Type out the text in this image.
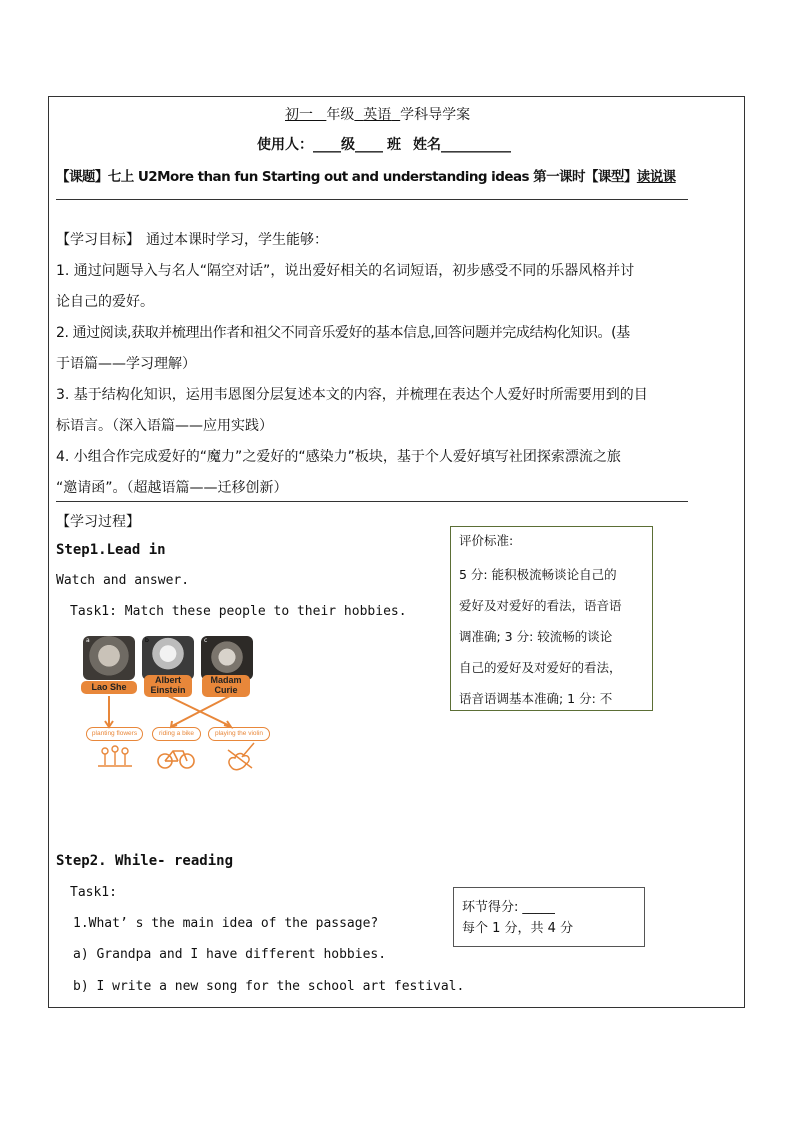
初一 年级 英语 学科导学案
使用人：____级____ 班 姓名__________
【课题】七上 U2More than fun Starting out and understanding ideas 第一课时【课型】读说课
【学习目标】 通过本课时学习，学生能够：
1. 通过问题导入与名人“隔空对话”，说出爱好相关的名词短语，初步感受不同的乐器风格并讨
论自己的爱好。
2. 通过阅读,获取并梳理出作者和祖父不同音乐爱好的基本信息,回答问题并完成结构化知识。(基
于语篇——学习理解）
3. 基于结构化知识，运用韦恩图分层复述本文的内容，并梳理在表达个人爱好时所需要用到的目
标语言。（深入语篇——应用实践）
4. 小组合作完成爱好的“魔力”之爱好的“感染力”板块，基于个人爱好填写社团探索漂流之旅
“邀请函”。（超越语篇——迁移创新）
【学习过程】
Step1.Lead in
Watch and answer.
Task1: Match these people to their hobbies.
a	b	c
Lao She
Albert Einstein
Madam Curie
planting flowers	riding a bike	playing the violin
评价标准:
5 分: 能积极流畅谈论自己的
爱好及对爱好的看法，语音语
调准确; 3 分: 较流畅的谈论
自己的爱好及对爱好的看法，
语音语调基本准确; 1 分: 不
Step2. While- reading
Task1:
1.What’ s the main idea of the passage?
a) Grandpa and I have different hobbies.
b) I write a new song for the school art festival.
环节得分: _____
每个 1 分，共 4 分
